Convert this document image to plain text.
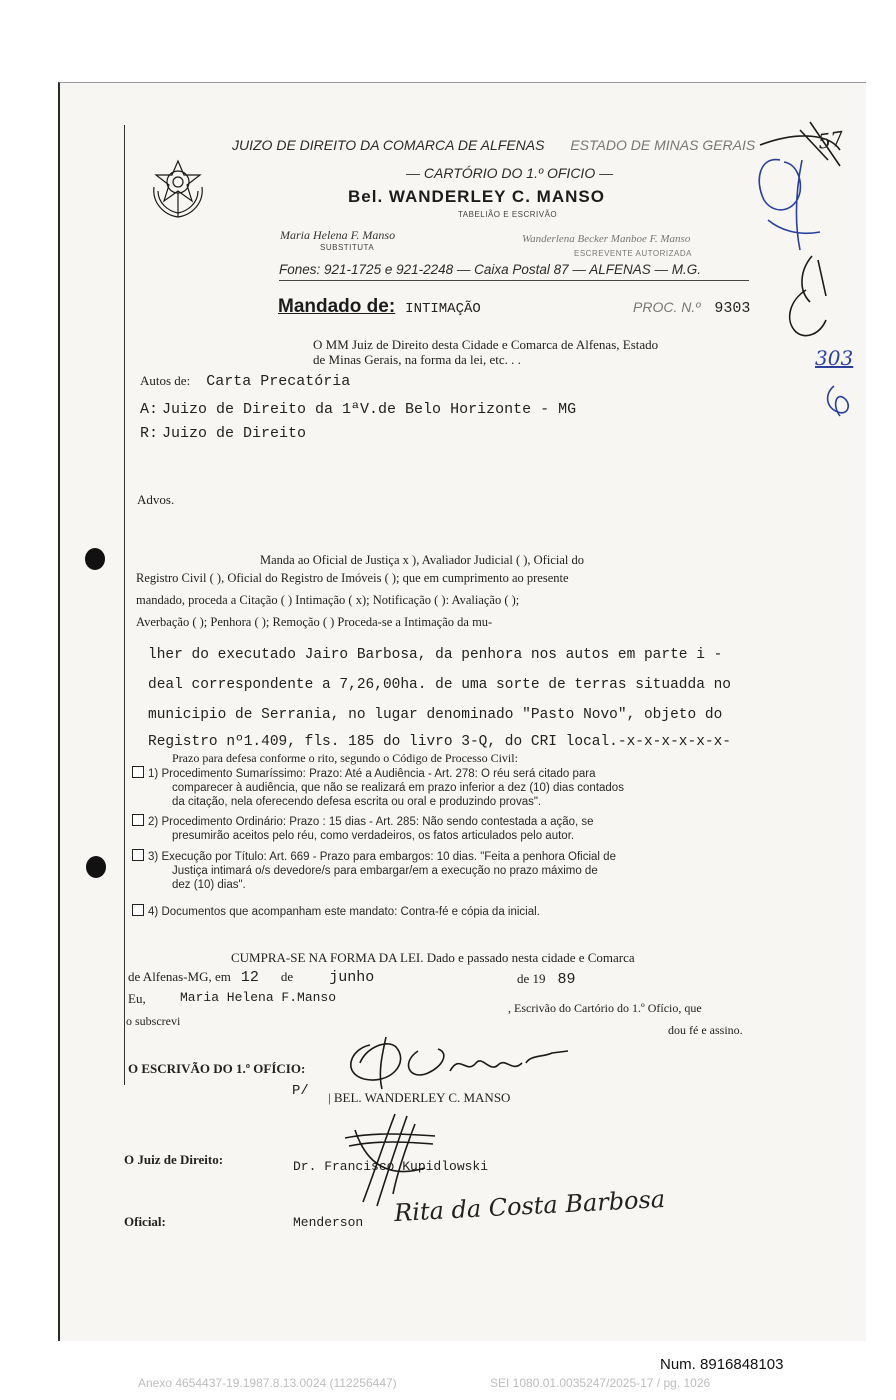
JUIZO DE DIREITO DA COMARCA DE ALFENAS ESTADO DE MINAS GERAIS
— CARTÓRIO DO 1.º OFICIO —
Bel. WANDERLEY C. MANSO
TABELIÃO E ESCRIVÃO
Maria Helena F. Manso
SUBSTITUTA
Wanderlena Becker Manboe F. Manso
ESCREVENTE AUTORIZADA
Fones: 921-1725 e 921-2248 — Caixa Postal 87 — ALFENAS — M.G.
Mandado de: INTIMAÇÃO	PROC. N.º 9303
O MM Juiz de Direito desta Cidade e Comarca de Alfenas, Estado
de Minas Gerais, na forma da lei, etc. . .
Autos de: Carta Precatória
A: Juizo de Direito da 1ªV.de Belo Horizonte - MG
R: Juizo de Direito
Advos.
Manda ao Oficial de Justiça x ), Avaliador Judicial ( ), Oficial do
Registro Civil ( ), Oficial do Registro de Imóveis ( ); que em cumprimento ao presente
mandado, proceda a Citação ( ) Intimação ( x); Notificação ( ): Avaliação ( );
Averbação ( ); Penhora ( ); Remoção ( ) Proceda-se a Intimação da mu-
lher do executado Jairo Barbosa, da penhora nos autos em parte i -
deal correspondente a 7,26,00ha. de uma sorte de terras situadda no
municipio de Serrania, no lugar denominado "Pasto Novo", objeto do
Registro nº1.409, fls. 185 do livro 3-Q, do CRI local.-x-x-x-x-x-x-
Prazo para defesa conforme o rito, segundo o Código de Processo Civil:
1) Procedimento Sumaríssimo: Prazo: Até a Audiência - Art. 278: O réu será citado para
comparecer à audiência, que não se realizará em prazo inferior a dez (10) dias contados
da citação, nela oferecendo defesa escrita ou oral e produzindo provas".
2) Procedimento Ordinário: Prazo : 15 dias - Art. 285: Não sendo contestada a ação, se
presumirão aceitos pelo réu, como verdadeiros, os fatos articulados pelo autor.
3) Execução por Título: Art. 669 - Prazo para embargos: 10 dias. "Feita a penhora Oficial de
Justiça intimará o/s devedore/s para embargar/em a execução no prazo máximo de
dez (10) dias".
4) Documentos que acompanham este mandato: Contra-fé e cópia da inicial.
CUMPRA-SE NA FORMA DA LEI. Dado e passado nesta cidade e Comarca
de Alfenas-MG, em 12 de junho	de 19 89
Eu,	Maria Helena F.Manso
, Escrivão do Cartório do 1.º Ofício, que
o subscrevi
dou fé e assino.
O ESCRIVÃO DO 1.º OFÍCIO:
P/ | BEL. WANDERLEY C. MANSO
O Juiz de Direito:	Dr. Francisco Kupidlowski
Oficial:	Menderson Rita da Costa Barbosa
57
303
Num. 8916848103
Anexo 4654437-19.1987.8.13.0024 (112256447)	SEI 1080.01.0035247/2025-17 / pg. 1026
